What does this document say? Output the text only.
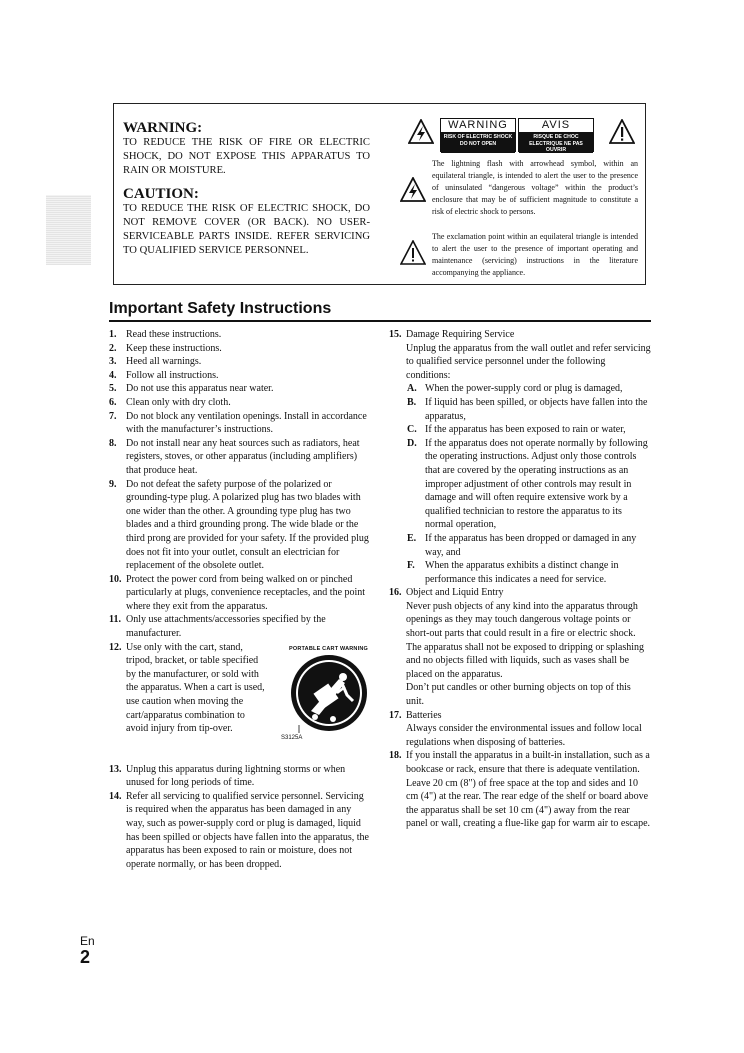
WARNING:

TO REDUCE THE RISK OF FIRE OR ELECTRIC SHOCK, DO NOT EXPOSE THIS APPARATUS TO RAIN OR MOISTURE.

CAUTION:

TO REDUCE THE RISK OF ELECTRIC SHOCK, DO NOT REMOVE COVER (OR BACK). NO USER-SERVICEABLE PARTS INSIDE. REFER SERVICING TO QUALIFIED SERVICE PERSONNEL.

WARNING
RISK OF ELECTRIC SHOCK DO NOT OPEN
AVIS
RISQUE DE CHOC ELECTRIQUE NE PAS OUVRIR
The lightning flash with arrowhead symbol, within an equilateral triangle, is intended to alert the user to the presence of uninsulated “dangerous voltage” within the product’s enclosure that may be of sufficient magnitude to constitute a risk of electric shock to persons.
The exclamation point within an equilateral triangle is intended to alert the user to the presence of important operating and maintenance (servicing) instructions in the literature accompanying the appliance.
Important Safety Instructions
1. Read these instructions.
2. Keep these instructions.
3. Heed all warnings.
4. Follow all instructions.
5. Do not use this apparatus near water.
6. Clean only with dry cloth.
7. Do not block any ventilation openings. Install in accordance with the manufacturer’s instructions.
8. Do not install near any heat sources such as radiators, heat registers, stoves, or other apparatus (including amplifiers) that produce heat.
9. Do not defeat the safety purpose of the polarized or grounding-type plug. A polarized plug has two blades with one wider than the other. A grounding type plug has two blades and a third grounding prong. The wide blade or the third prong are provided for your safety. If the provided plug does not fit into your outlet, consult an electrician for replacement of the obsolete outlet.
10. Protect the power cord from being walked on or pinched particularly at plugs, convenience receptacles, and the point where they exit from the apparatus.
11. Only use attachments/accessories specified by the manufacturer.
12. Use only with the cart, stand, tripod, bracket, or table specified by the manufacturer, or sold with the apparatus. When a cart is used, use caution when moving the cart/apparatus combination to avoid injury from tip-over.
PORTABLE CART WARNING
S3125A
13. Unplug this apparatus during lightning storms or when unused for long periods of time.
14. Refer all servicing to qualified service personnel. Servicing is required when the apparatus has been damaged in any way, such as power-supply cord or plug is damaged, liquid has been spilled or objects have fallen into the apparatus, the apparatus has been exposed to rain or moisture, does not operate normally, or has been dropped.
15. Damage Requiring Service
Unplug the apparatus from the wall outlet and refer servicing to qualified service personnel under the following conditions:
A. When the power-supply cord or plug is damaged,
B. If liquid has been spilled, or objects have fallen into the apparatus,
C. If the apparatus has been exposed to rain or water,
D. If the apparatus does not operate normally by following the operating instructions. Adjust only those controls that are covered by the operating instructions as an improper adjustment of other controls may result in damage and will often require extensive work by a qualified technician to restore the apparatus to its normal operation,
E. If the apparatus has been dropped or damaged in any way, and
F. When the apparatus exhibits a distinct change in performance this indicates a need for service.
16. Object and Liquid Entry
Never push objects of any kind into the apparatus through openings as they may touch dangerous voltage points or short-out parts that could result in a fire or electric shock.
The apparatus shall not be exposed to dripping or splashing and no objects filled with liquids, such as vases shall be placed on the apparatus.
Don’t put candles or other burning objects on top of this unit.
17. Batteries
Always consider the environmental issues and follow local regulations when disposing of batteries.
18. If you install the apparatus in a built-in installation, such as a bookcase or rack, ensure that there is adequate ventilation.
Leave 20 cm (8") of free space at the top and sides and 10 cm (4") at the rear. The rear edge of the shelf or board above the apparatus shall be set 10 cm (4") away from the rear panel or wall, creating a flue-like gap for warm air to escape.
En
2
